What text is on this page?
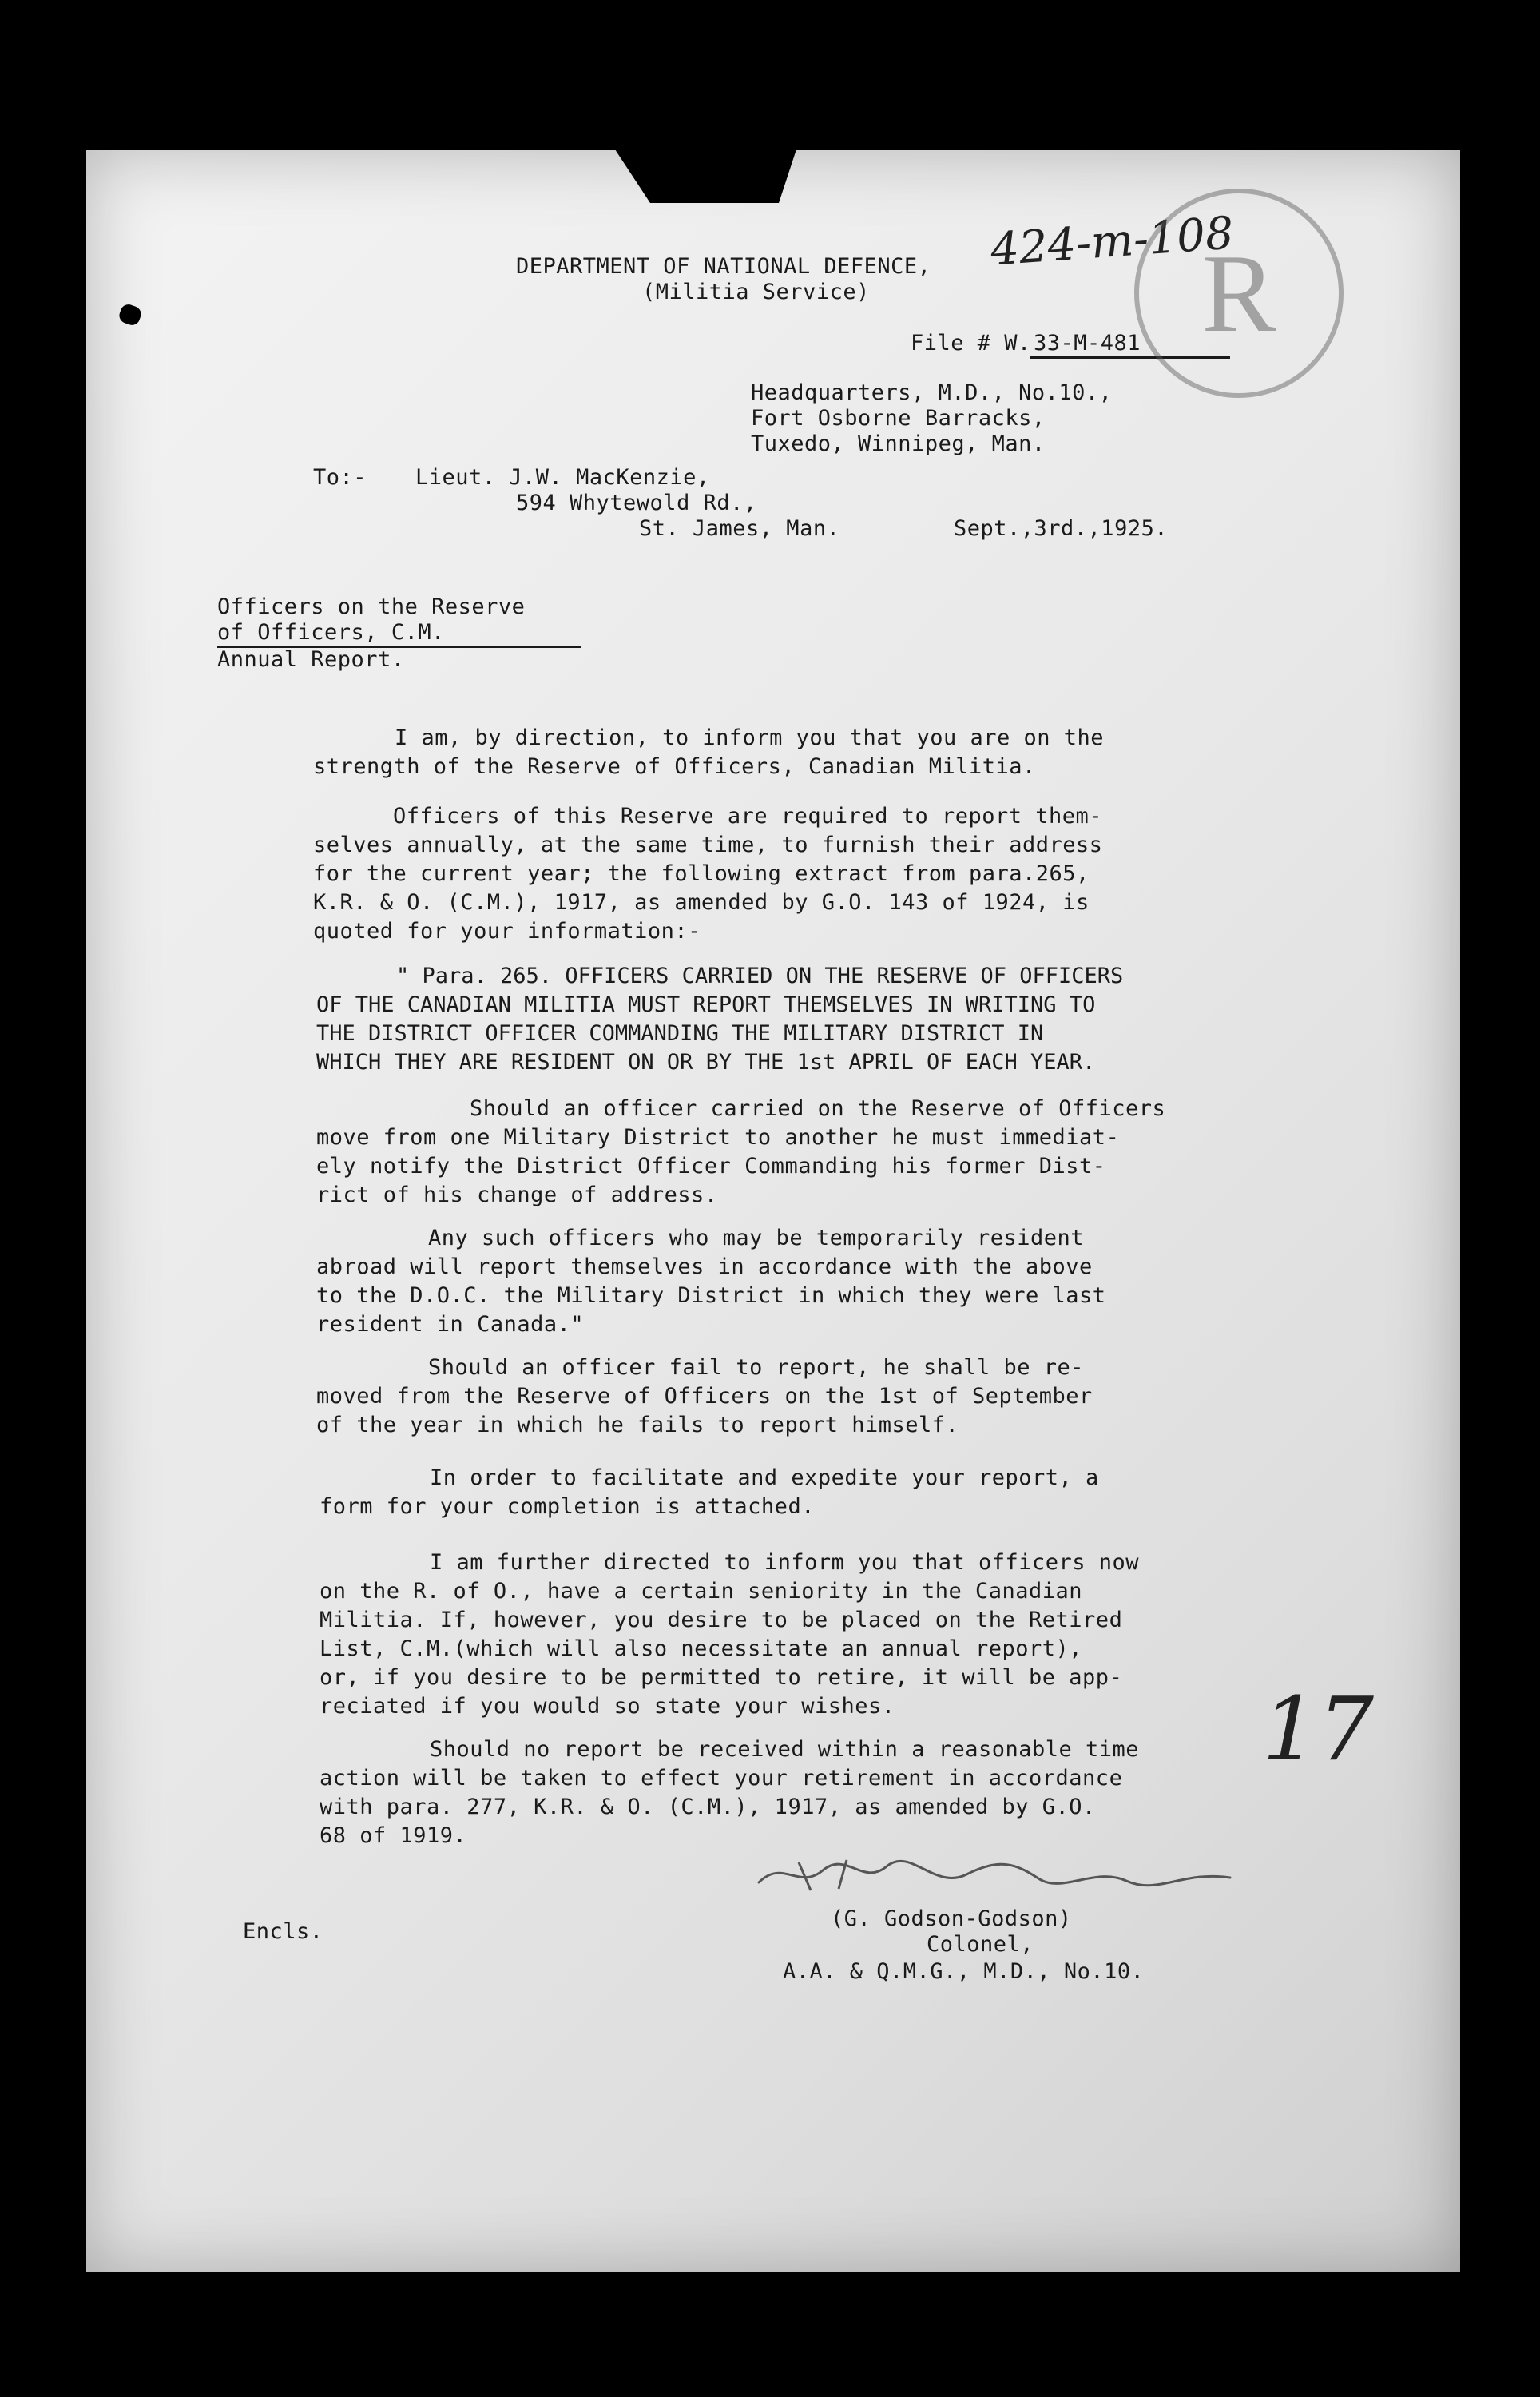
DEPARTMENT OF NATIONAL DEFENCE,
(Militia Service)
424-m-108
File # W. 33-M-481
Headquarters, M.D., No.10.,
Fort Osborne Barracks,
Tuxedo, Winnipeg, Man.
R
To:- Lieut. J.W. MacKenzie,
594 Whytewold Rd.,
St. James, Man.	Sept.,3rd.,1925.
Officers on the Reserve
of Officers, C.M.
Annual Report.
I am, by direction, to inform you that you are on the
strength of the Reserve of Officers, Canadian Militia.
Officers of this Reserve are required to report them-
selves annually, at the same time, to furnish their address
for the current year; the following extract from para.265,
K.R. & O. (C.M.), 1917, as amended by G.O. 143 of 1924, is
quoted for your information:-
" Para. 265. OFFICERS CARRIED ON THE RESERVE OF OFFICERS
OF THE CANADIAN MILITIA MUST REPORT THEMSELVES IN WRITING TO
THE DISTRICT OFFICER COMMANDING THE MILITARY DISTRICT IN
WHICH THEY ARE RESIDENT ON OR BY THE 1st APRIL OF EACH YEAR.
Should an officer carried on the Reserve of Officers
move from one Military District to another he must immediat-
ely notify the District Officer Commanding his former Dist-
rict of his change of address.
Any such officers who may be temporarily resident
abroad will report themselves in accordance with the above
to the D.O.C. the Military District in which they were last
resident in Canada."
Should an officer fail to report, he shall be re-
moved from the Reserve of Officers on the 1st of September
of the year in which he fails to report himself.
In order to facilitate and expedite your report, a
form for your completion is attached.
I am further directed to inform you that officers now
on the R. of O., have a certain seniority in the Canadian
Militia. If, however, you desire to be placed on the Retired
List, C.M.(which will also necessitate an annual report),
or, if you desire to be permitted to retire, it will be app-
reciated if you would so state your wishes.
Should no report be received within a reasonable time
action will be taken to effect your retirement in accordance
with para. 277, K.R. & O. (C.M.), 1917, as amended by G.O.
68 of 1919.
17
Encls.
(G. Godson-Godson)
Colonel,
A.A. & Q.M.G., M.D., No.10.
